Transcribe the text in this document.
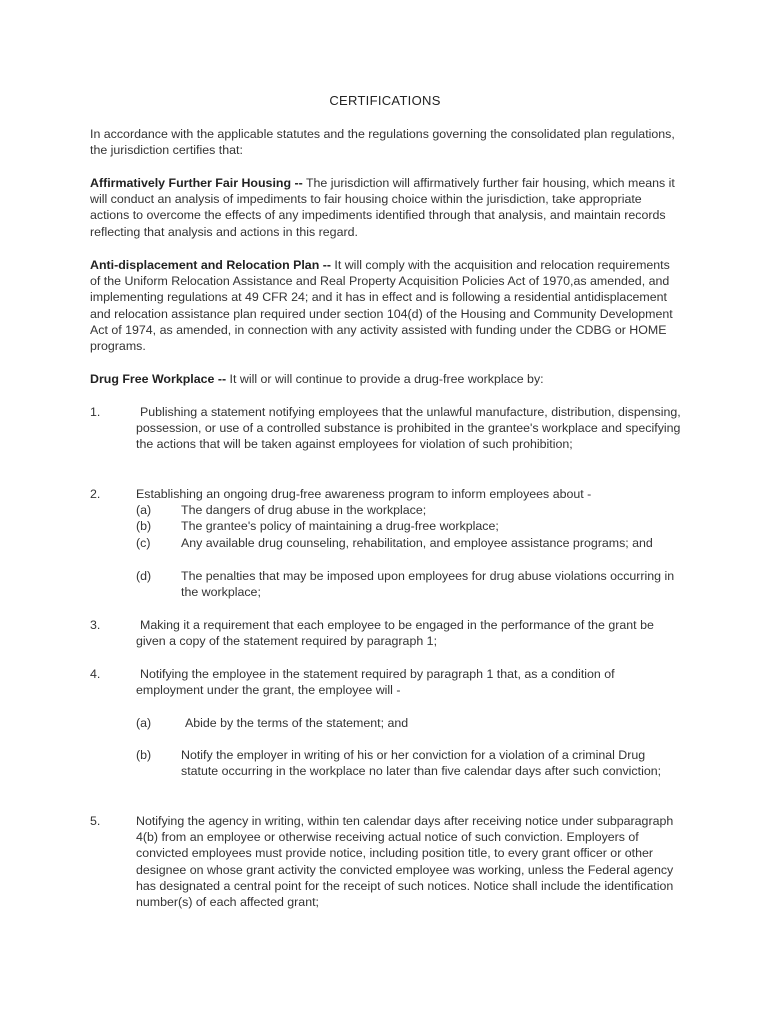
CERTIFICATIONS

In accordance with the applicable statutes and the regulations governing the consolidated plan regulations, the jurisdiction certifies that:

Affirmatively Further Fair Housing -- The jurisdiction will affirmatively further fair housing, which means it will conduct an analysis of impediments to fair housing choice within the jurisdiction, take appropriate actions to overcome the effects of any impediments identified through that analysis, and maintain records reflecting that analysis and actions in this regard.

Anti-displacement and Relocation Plan -- It will comply with the acquisition and relocation requirements of the Uniform Relocation Assistance and Real Property Acquisition Policies Act of 1970,as amended, and implementing regulations at 49 CFR 24; and it has in effect and is following a residential antidisplacement and relocation assistance plan required under section 104(d) of the Housing and Community Development Act of 1974, as amended, in connection with any activity assisted with funding under the CDBG or HOME programs.

Drug Free Workplace -- It will or will continue to provide a drug-free workplace by:

1.	Publishing a statement notifying employees that the unlawful manufacture, distribution, dispensing, possession, or use of a controlled substance is prohibited in the grantee's workplace and specifying the actions that will be taken against employees for violation of such prohibition;

2.	Establishing an ongoing drug-free awareness program to inform employees about -

(a)	The dangers of drug abuse in the workplace;

(b)	The grantee's policy of maintaining a drug-free workplace;

(c)	Any available drug counseling, rehabilitation, and employee assistance programs; and

(d)	The penalties that may be imposed upon employees for drug abuse violations occurring in the workplace;

3.	Making it a requirement that each employee to be engaged in the performance of the grant be given a copy of the statement required by paragraph 1;

4.	Notifying the employee in the statement required by paragraph 1 that, as a condition of employment under the grant, the employee will -

(a)	Abide by the terms of the statement; and

(b)	Notify the employer in writing of his or her conviction for a violation of a criminal Drug statute occurring in the workplace no later than five calendar days after such conviction;

5.	Notifying the agency in writing, within ten calendar days after receiving notice under subparagraph 4(b) from an employee or otherwise receiving actual notice of such conviction. Employers of convicted employees must provide notice, including position title, to every grant officer or other designee on whose grant activity the convicted employee was working, unless the Federal agency has designated a central point for the receipt of such notices. Notice shall include the identification number(s) of each affected grant;
